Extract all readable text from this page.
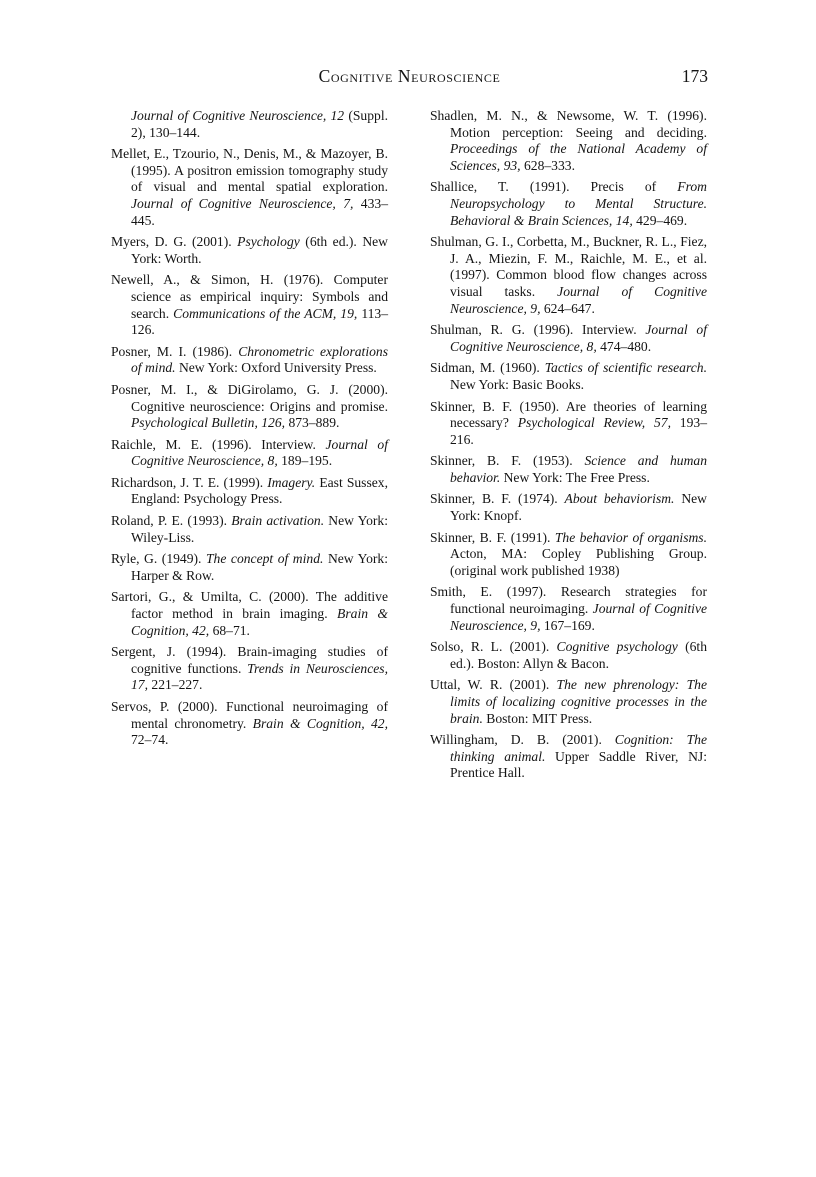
Cognitive Neuroscience	173

Journal of Cognitive Neuroscience, 12 (Suppl. 2), 130–144.

Mellet, E., Tzourio, N., Denis, M., & Mazoyer, B. (1995). A positron emission tomography study of visual and mental spatial exploration. Journal of Cognitive Neuroscience, 7, 433–445.

Myers, D. G. (2001). Psychology (6th ed.). New York: Worth.

Newell, A., & Simon, H. (1976). Computer science as empirical inquiry: Symbols and search. Communications of the ACM, 19, 113–126.

Posner, M. I. (1986). Chronometric explorations of mind. New York: Oxford University Press.

Posner, M. I., & DiGirolamo, G. J. (2000). Cognitive neuroscience: Origins and promise. Psychological Bulletin, 126, 873–889.

Raichle, M. E. (1996). Interview. Journal of Cognitive Neuroscience, 8, 189–195.

Richardson, J. T. E. (1999). Imagery. East Sussex, England: Psychology Press.

Roland, P. E. (1993). Brain activation. New York: Wiley-Liss.

Ryle, G. (1949). The concept of mind. New York: Harper & Row.

Sartori, G., & Umilta, C. (2000). The additive factor method in brain imaging. Brain & Cognition, 42, 68–71.

Sergent, J. (1994). Brain-imaging studies of cognitive functions. Trends in Neurosciences, 17, 221–227.

Servos, P. (2000). Functional neuroimaging of mental chronometry. Brain & Cognition, 42, 72–74.

Shadlen, M. N., & Newsome, W. T. (1996). Motion perception: Seeing and deciding. Proceedings of the National Academy of Sciences, 93, 628–333.

Shallice, T. (1991). Precis of From Neuropsychology to Mental Structure. Behavioral & Brain Sciences, 14, 429–469.

Shulman, G. I., Corbetta, M., Buckner, R. L., Fiez, J. A., Miezin, F. M., Raichle, M. E., et al. (1997). Common blood flow changes across visual tasks. Journal of Cognitive Neuroscience, 9, 624–647.

Shulman, R. G. (1996). Interview. Journal of Cognitive Neuroscience, 8, 474–480.

Sidman, M. (1960). Tactics of scientific research. New York: Basic Books.

Skinner, B. F. (1950). Are theories of learning necessary? Psychological Review, 57, 193–216.

Skinner, B. F. (1953). Science and human behavior. New York: The Free Press.

Skinner, B. F. (1974). About behaviorism. New York: Knopf.

Skinner, B. F. (1991). The behavior of organisms. Acton, MA: Copley Publishing Group. (original work published 1938)

Smith, E. (1997). Research strategies for functional neuroimaging. Journal of Cognitive Neuroscience, 9, 167–169.

Solso, R. L. (2001). Cognitive psychology (6th ed.). Boston: Allyn & Bacon.

Uttal, W. R. (2001). The new phrenology: The limits of localizing cognitive processes in the brain. Boston: MIT Press.

Willingham, D. B. (2001). Cognition: The thinking animal. Upper Saddle River, NJ: Prentice Hall.
